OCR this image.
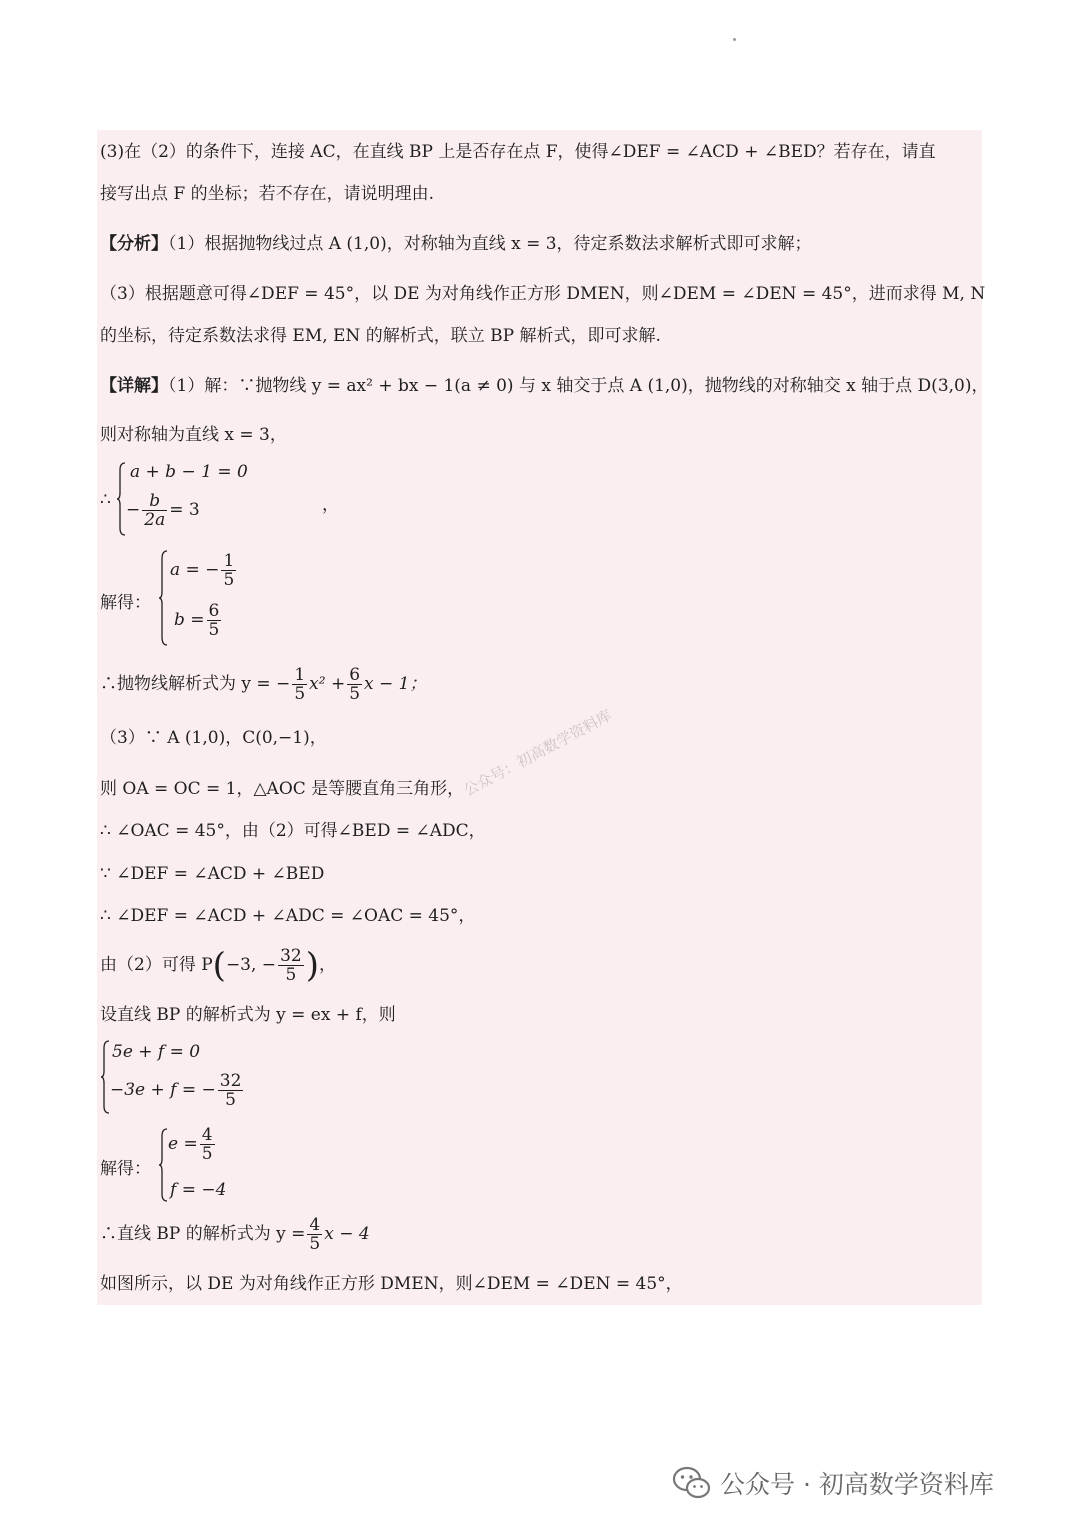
(3)在（2）的条件下，连接 AC，在直线 BP 上是否存在点 F，使得∠DEF = ∠ACD + ∠BED？若存在，请直
接写出点 F 的坐标；若不存在，请说明理由.
【分析】（1）根据抛物线过点 A (1,0)，对称轴为直线 x = 3，待定系数法求解析式即可求解；
（3）根据题意可得∠DEF = 45°，以 DE 为对角线作正方形 DMEN，则∠DEM = ∠DEN = 45°，进而求得 M, N
的坐标，待定系数法求得 EM, EN 的解析式，联立 BP 解析式，即可求解.
【详解】（1）解：∵抛物线 y = ax² + bx − 1(a ≠ 0) 与 x 轴交于点 A (1,0)，抛物线的对称轴交 x 轴于点 D(3,0)，
则对称轴为直线 x = 3，
∴
a + b − 1 = 0
− $\frac{b}{2a} = 3$	，
解得：
a = − $\frac{1}{5}$
$b = \frac{6}{5}$
∴抛物线解析式为 y = − $\frac{1}{5} x^2 + \frac{6}{5}$ x − 1；
（3）∵ A (1,0)，C(0,−1)，
则 OA = OC = 1，△AOC 是等腰直角三角形，
∴ ∠OAC = 45°，由（2）可得∠BED = ∠ADC，
∵ ∠DEF = ∠ACD + ∠BED
∴ ∠DEF = ∠ACD + ∠ADC = ∠OAC = 45°，
由（2）可得 P(−3, − $\frac{32}{5}$ )，
设直线 BP 的解析式为 y = ex + f，则
5e + f = 0
−3e + f = − $\frac{32}{5}$
解得：
$e = \frac{4}{5}$
f = −4
∴直线 BP 的解析式为 $y = \frac{4}{5}$ x − 4
如图所示，以 DE 为对角线作正方形 DMEN，则∠DEM = ∠DEN = 45°，
公众号：初高数学资料库
公众号 · 初高数学资料库
